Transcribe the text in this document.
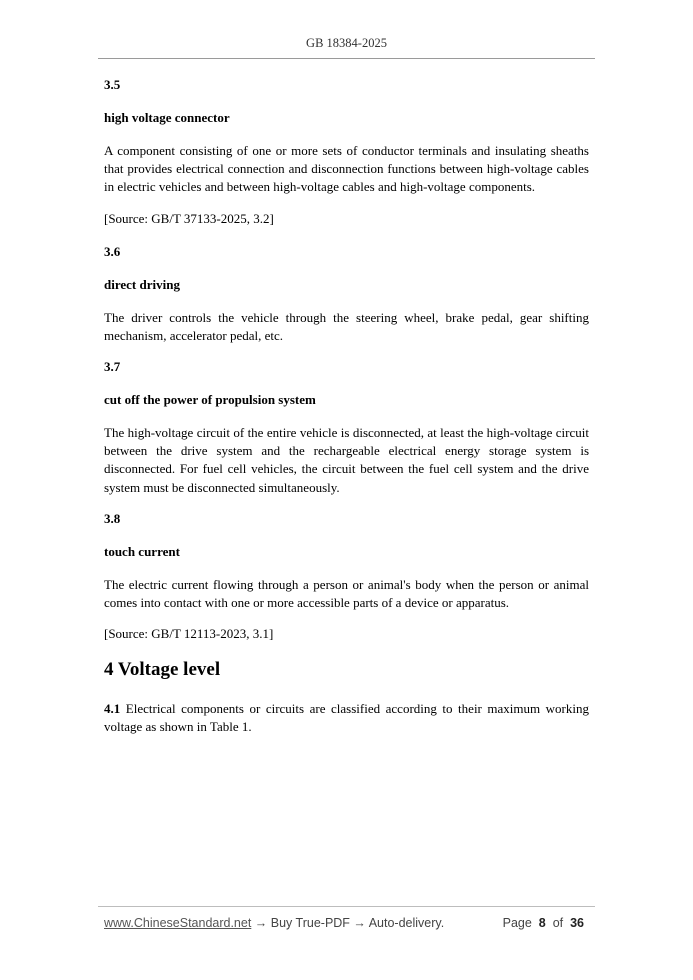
GB 18384-2025

3.5

high voltage connector

A component consisting of one or more sets of conductor terminals and insulating sheaths that provides electrical connection and disconnection functions between high-voltage cables in electric vehicles and between high-voltage cables and high-voltage components.

[Source: GB/T 37133-2025, 3.2]

3.6

direct driving

The driver controls the vehicle through the steering wheel, brake pedal, gear shifting mechanism, accelerator pedal, etc.

3.7

cut off the power of propulsion system

The high-voltage circuit of the entire vehicle is disconnected, at least the high-voltage circuit between the drive system and the rechargeable electrical energy storage system is disconnected. For fuel cell vehicles, the circuit between the fuel cell system and the drive system must be disconnected simultaneously.

3.8

touch current

The electric current flowing through a person or animal's body when the person or animal comes into contact with one or more accessible parts of a device or apparatus.

[Source: GB/T 12113-2023, 3.1]

4 Voltage level

4.1 Electrical components or circuits are classified according to their maximum working voltage as shown in Table 1.

www.ChineseStandard.net → Buy True-PDF → Auto-delivery.	Page 8 of 36
